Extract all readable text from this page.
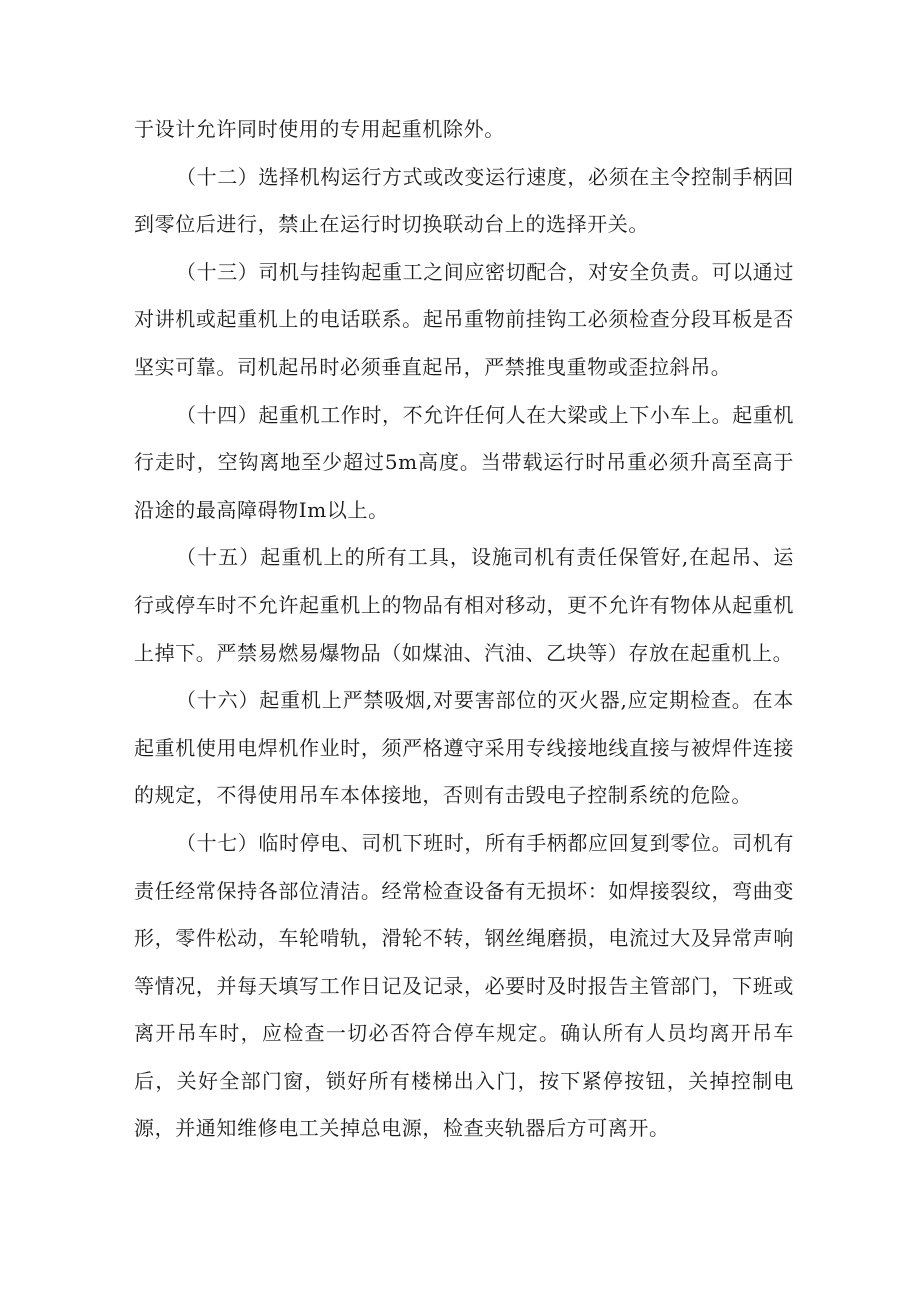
于设计允许同时使用的专用起重机除外。

（十二）选择机构运行方式或改变运行速度，必须在主令控制手柄回到零位后进行，禁止在运行时切换联动台上的选择开关。

（十三）司机与挂钩起重工之间应密切配合，对安全负责。可以通过对讲机或起重机上的电话联系。起吊重物前挂钩工必须检查分段耳板是否坚实可靠。司机起吊时必须垂直起吊，严禁推曳重物或歪拉斜吊。

（十四）起重机工作时，不允许任何人在大梁或上下小车上。起重机行走时，空钩离地至少超过5m高度。当带载运行时吊重必须升高至高于沿途的最高障碍物Im以上。

（十五）起重机上的所有工具，设施司机有责任保管好,在起吊、运行或停车时不允许起重机上的物品有相对移动，更不允许有物体从起重机上掉下。严禁易燃易爆物品（如煤油、汽油、乙块等）存放在起重机上。

（十六）起重机上严禁吸烟,对要害部位的灭火器,应定期检查。在本起重机使用电焊机作业时，须严格遵守采用专线接地线直接与被焊件连接的规定，不得使用吊车本体接地，否则有击毁电子控制系统的危险。

（十七）临时停电、司机下班时，所有手柄都应回复到零位。司机有责任经常保持各部位清洁。经常检查设备有无损坏：如焊接裂纹，弯曲变形，零件松动，车轮啃轨，滑轮不转，钢丝绳磨损，电流过大及异常声响等情况，并每天填写工作日记及记录，必要时及时报告主管部门，下班或离开吊车时，应检查一切必否符合停车规定。确认所有人员均离开吊车后，关好全部门窗，锁好所有楼梯出入门，按下紧停按钮，关掉控制电源，并通知维修电工关掉总电源，检查夹轨器后方可离开。
